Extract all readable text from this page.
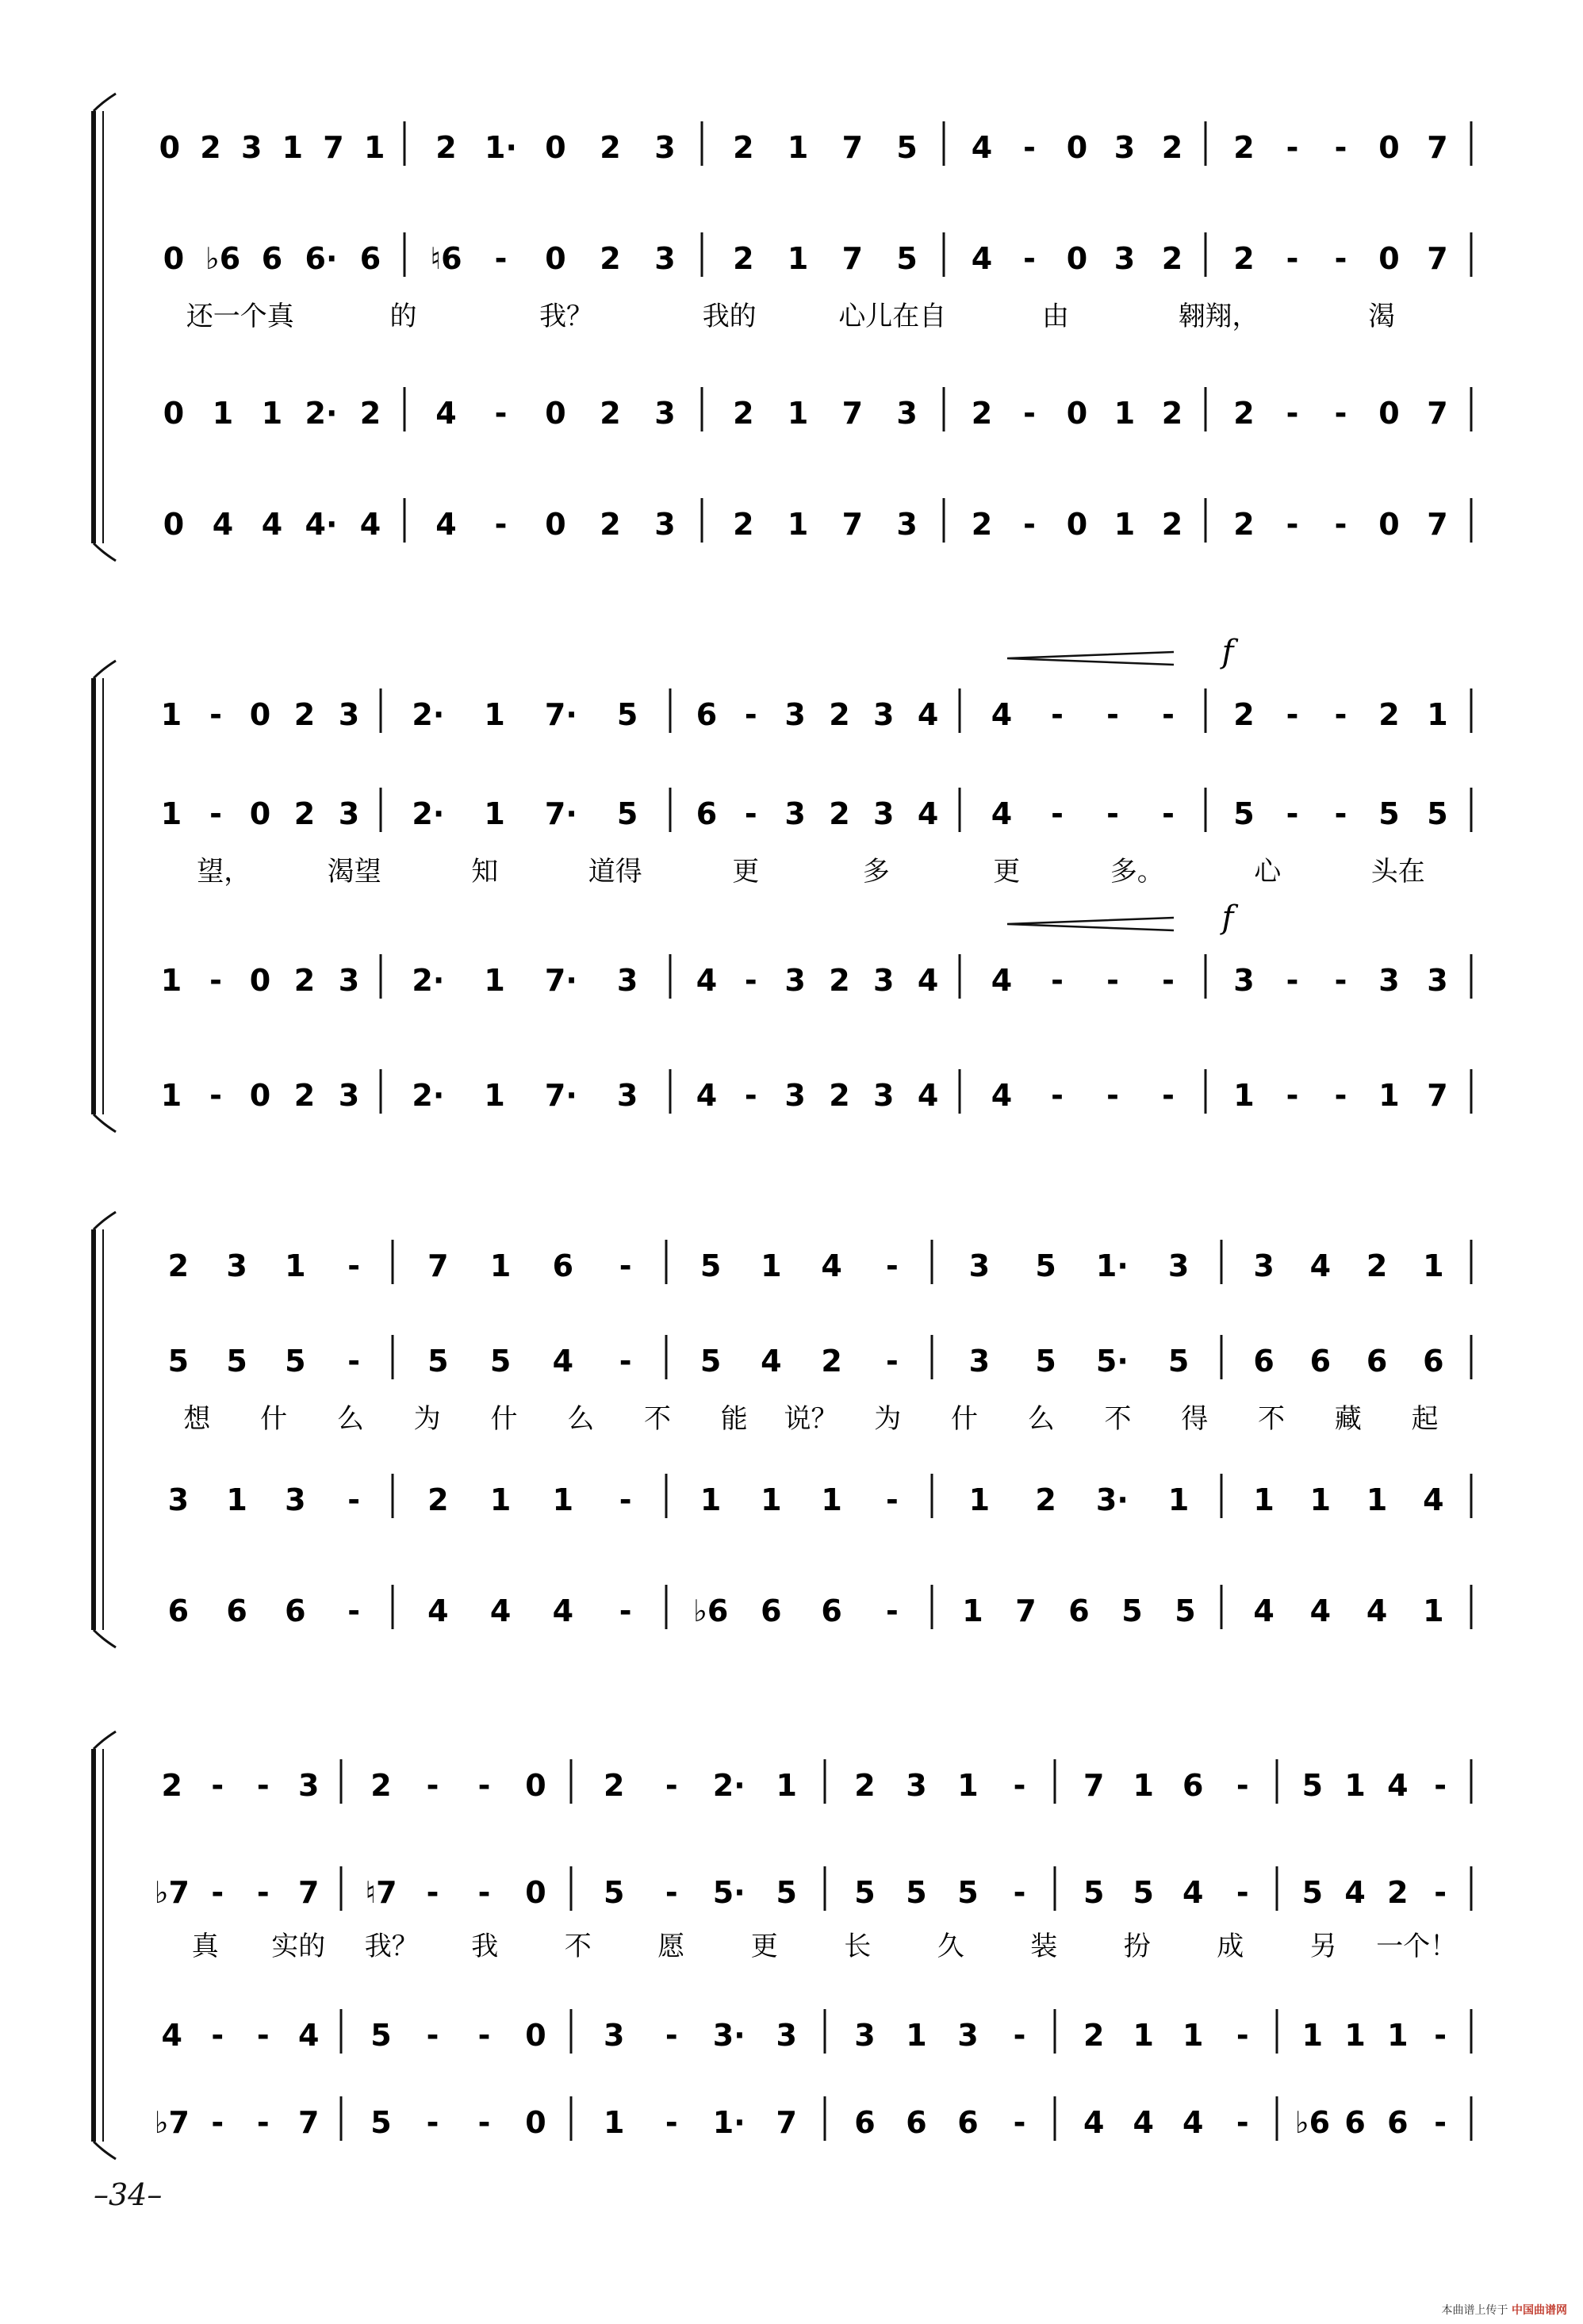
0 2 3 1 7 1 2 1· 0 2 3 2 1 7 5 4 - 0 3 2 2 - - 0 7
0 ♭6 6 6· 6 ♮6 - 0 2 3 2 1 7 5 4 - 0 3 2 2 - - 0 7
0 1 1 2· 2 4 - 0 2 3 2 1 7 3 2 - 0 1 2 2 - - 0 7
0 4 4 4· 4 4 - 0 2 3 2 1 7 3 2 - 0 1 2 2 - - 0 7
还一个真	的	我？	我的	心儿在自	由	翱翔，	渴
1 - 0 2 3 2· 1 7· 5 6 - 3 2 3 4 4 - - - 2 - - 2 1
1 - 0 2 3 2· 1 7· 5 6 - 3 2 3 4 4 - - - 5 - - 5 5
1 - 0 2 3 2· 1 7· 3 4 - 3 2 3 4 4 - - - 3 - - 3 3
1 - 0 2 3 2· 1 7· 3 4 - 3 2 3 4 4 - - - 1 - - 1 7
望，	渴望	知	道得	更	多	更	多。	心	头在
f
f
2 3 1 - 7 1 6 - 5 1 4 - 3 5 1· 3 3 4 2 1
5 5 5 - 5 5 4 - 5 4 2 - 3 5 5· 5 6 6 6 6
3 1 3 - 2 1 1 - 1 1 1 - 1 2 3· 1 1 1 1 4
6 6 6 - 4 4 4 - ♭6 6 6 - 1 7 6 5 5 4 4 4 1
想 什 么 为 什 么 不 能 说？ 为 什 么 不 得 不 藏 起
2 - - 3 2 - - 0 2 - 2· 1 2 3 1 - 7 1 6 - 5 1 4 -
♭7 - - 7 ♮7 - - 0 5 - 5· 5 5 5 5 - 5 5 4 - 5 4 2 -
4 - - 4 5 - - 0 3 - 3· 3 3 1 3 - 2 1 1 - 1 1 1 -
♭7 - - 7 5 - - 0 1 - 1· 7 6 6 6 - 4 4 4 - ♭6 6 6 -
真 实的 我？ 我 不 愿 更 长 久 装 扮 成 另 一个！
–34–
本曲谱上传于 中国曲谱网
